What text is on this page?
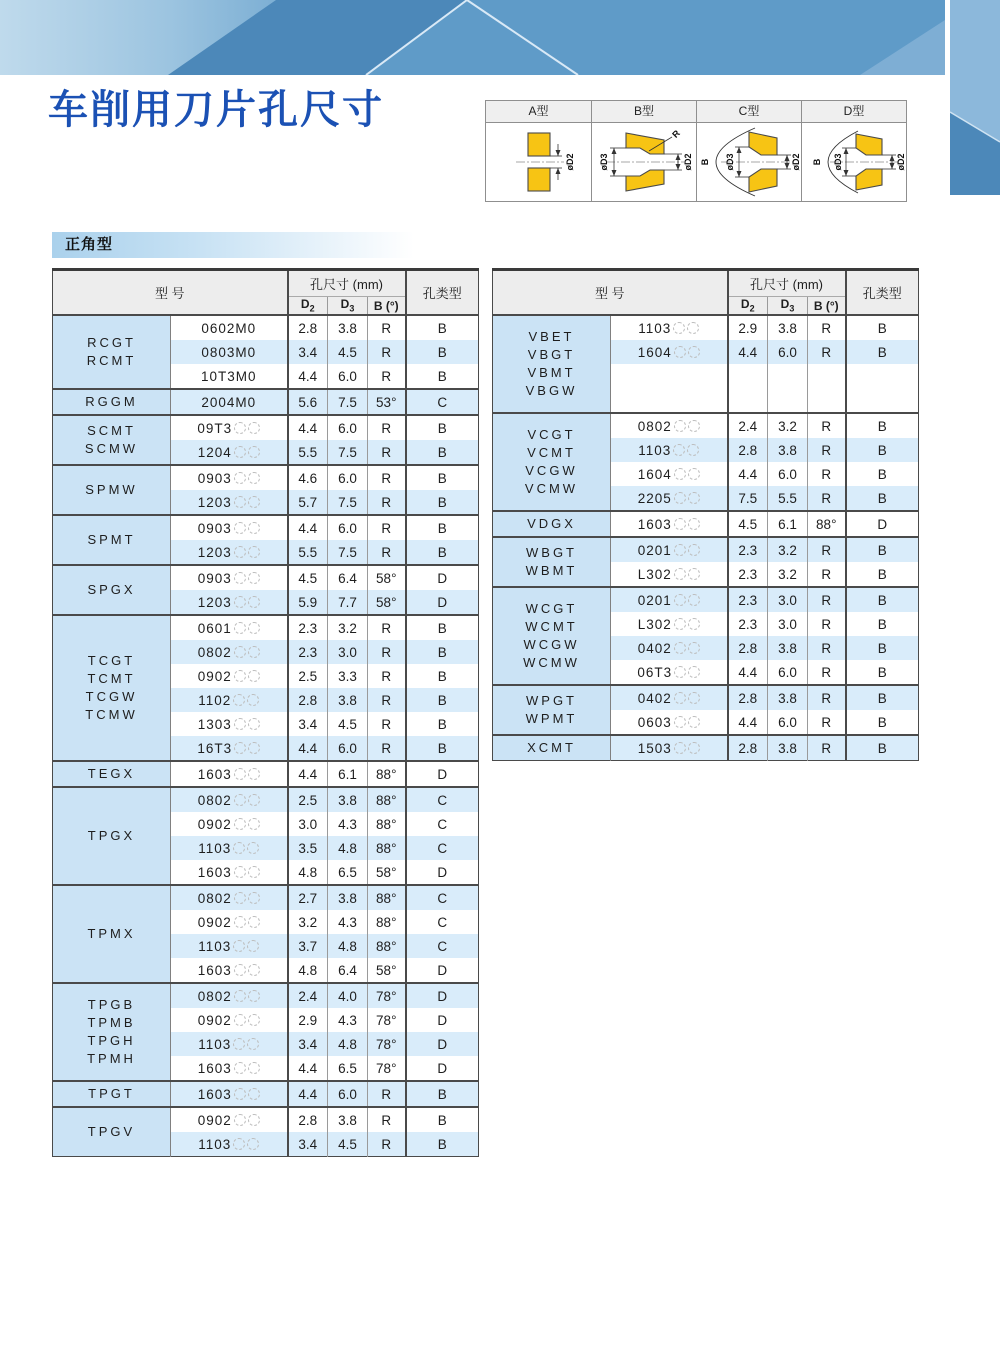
车削用刀片孔尺寸	A型	B型	C型	D型
øD2	øD3	øD2
R
B øD3	øD2 B øD3	øD2
正角型
型 号		孔尺寸 (mm)			孔类型
		$D_2$	$D_3$	B (°)	
RCGT
RCMT	0602M0	2.8	3.8	R	B
	0803M0	3.4	4.5	R	B
	10T3M0	4.4	6.0	R	B
RGGM	2004M0	5.6	7.5	53°	C
SCMT
SCMW	09T3	4.4	6.0	R	B
	1204	5.5	7.5	R	B
SPMW	0903	4.6	6.0	R	B
	1203	5.7	7.5	R	B
SPMT	0903	4.4	6.0	R	B
	1203	5.5	7.5	R	B
SPGX	0903	4.5	6.4	58°	D
	1203	5.9	7.7	58°	D
TCGT
TCMT
TCGW
TCMW	0601	2.3	3.2	R	B
	0802	2.3	3.0	R	B
	0902	2.5	3.3	R	B
	1102	2.8	3.8	R	B
	1303	3.4	4.5	R	B
	16T3	4.4	6.0	R	B
TEGX	1603	4.4	6.1	88°	D
TPGX	0802	2.5	3.8	88°	C
	0902	3.0	4.3	88°	C
	1103	3.5	4.8	88°	C
	1603	4.8	6.5	58°	D
TPMX	0802	2.7	3.8	88°	C
	0902	3.2	4.3	88°	C
	1103	3.7	4.8	88°	C
	1603	4.8	6.4	58°	D
TPGB
TPMB
TPGH
TPMH	0802	2.4	4.0	78°	D
	0902	2.9	4.3	78°	D
	1103	3.4	4.8	78°	D
	1603	4.4	6.5	78°	D
TPGT	1603	4.4	6.0	R	B
TPGV	0902	2.8	3.8	R	B
	1103	3.4	4.5	R	B
型 号		孔尺寸 (mm)			孔类型
		$D_2$	$D_3$	B (°)	
VBET
VBGT
VBMT
VBGW	1103	2.9	3.8	R	B
	1604	4.4	6.0	R	B

VCGT
VCMT
VCGW
VCMW	0802	2.4	3.2	R	B
	1103	2.8	3.8	R	B
	1604	4.4	6.0	R	B
	2205	7.5	5.5	R	B
VDGX	1603	4.5	6.1	88°	D
WBGT
WBMT	0201	2.3	3.2	R	B
	L302	2.3	3.2	R	B
WCGT
WCMT
WCGW
WCMW	0201	2.3	3.0	R	B
	L302	2.3	3.0	R	B
	0402	2.8	3.8	R	B
	06T3	4.4	6.0	R	B
WPGT
WPMT	0402	2.8	3.8	R	B
	0603	4.4	6.0	R	B
XCMT	1503	2.8	3.8	R	B
